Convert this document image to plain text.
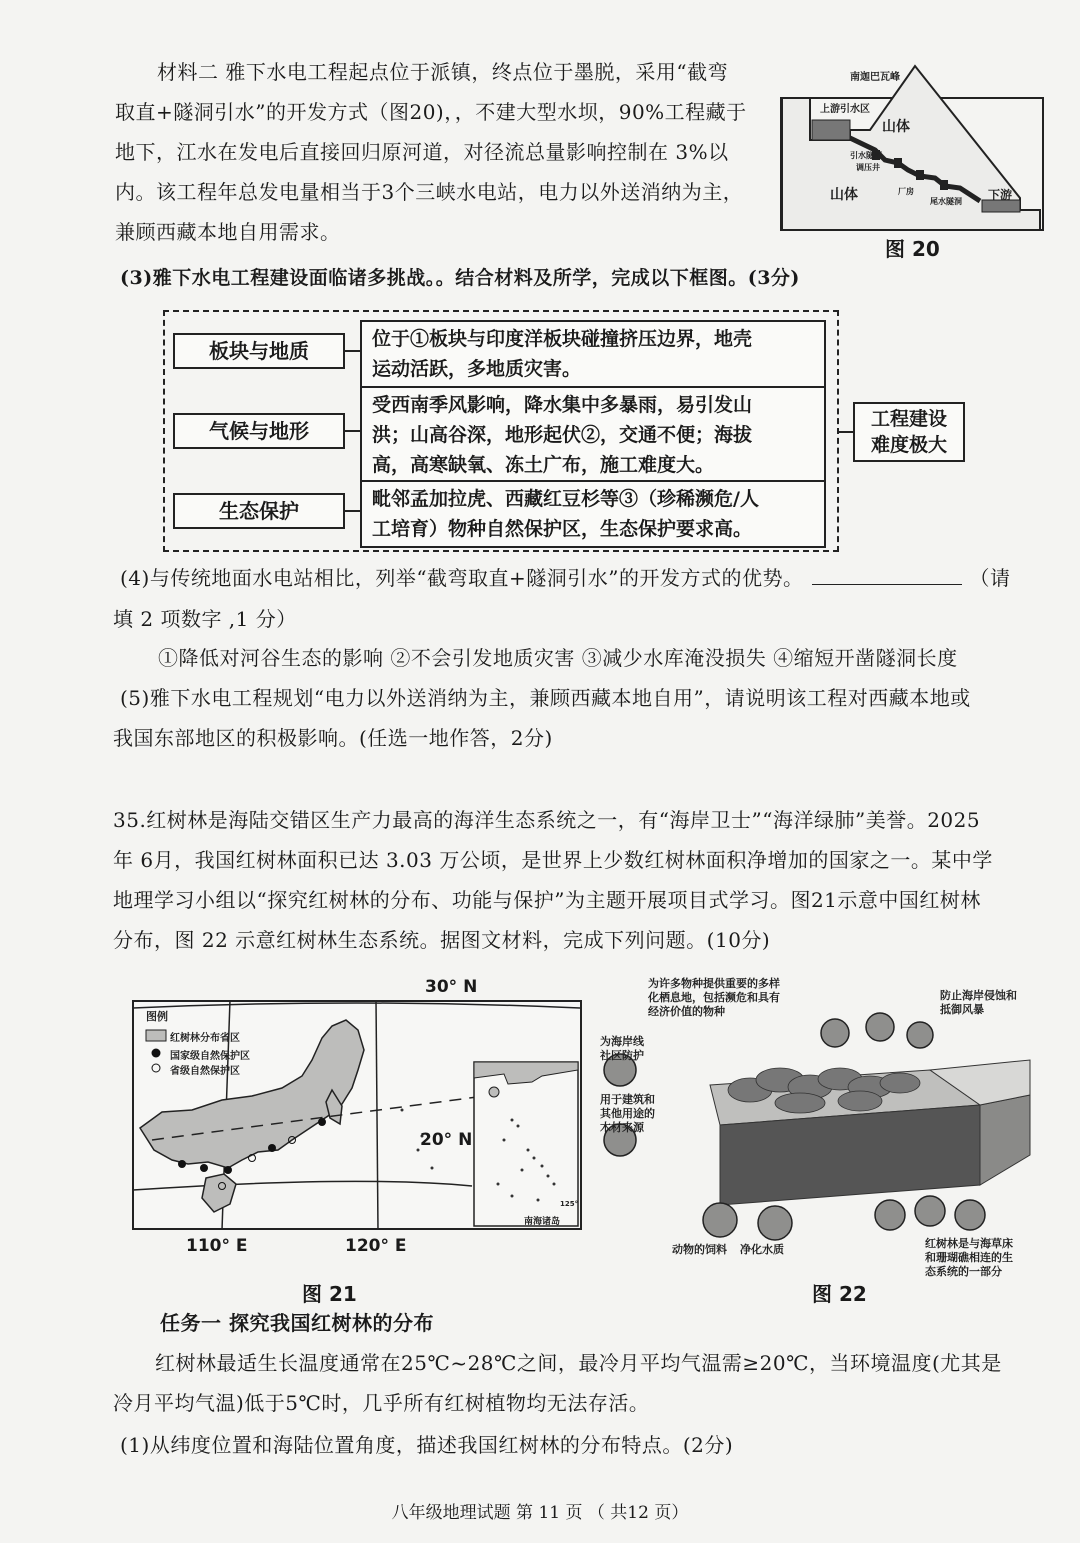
材料二 雅下水电工程起点位于派镇，终点位于墨脱，采用“截弯
取直+隧洞引水”的开发方式（图20)，，不建大型水坝，90%工程藏于
地下，江水在发电后直接回归原河道，对径流总量影响控制在 3%以
内。该工程年总发电量相当于3个三峡水电站，电力以外送消纳为主，
兼顾西藏本地自用需求。
南迦巴瓦峰
上游引水区
山体
山体	下游
引水隧洞
调压井
厂房
尾水隧洞
图 20
(3)雅下水电工程建设面临诸多挑战。。结合材料及所学，完成以下框图。(3分)
板块与地质	位于①板块与印度洋板块碰撞挤压边界，地壳
运动活跃，多地质灾害。
气候与地形
受西南季风影响，降水集中多暴雨，易引发山
洪；山高谷深，地形起伏②，交通不便；海拔
高，高寒缺氧、冻土广布，施工难度大。
生态保护	毗邻孟加拉虎、西藏红豆杉等③（珍稀濒危/人
工培育）物种自然保护区，生态保护要求高。
工程建设
难度极大
(4)与传统地面水电站相比，列举“截弯取直+隧洞引水”的开发方式的优势。	（请
填 2 项数字 ,1 分）
①降低对河谷生态的影响 ②不会引发地质灾害 ③减少水库淹没损失 ④缩短开凿隧洞长度
(5)雅下水电工程规划“电力以外送消纳为主，兼顾西藏本地自用”，请说明该工程对西藏本地或
我国东部地区的积极影响。(任选一地作答，2分)
35.红树林是海陆交错区生产力最高的海洋生态系统之一，有“海岸卫士”“海洋绿肺”美誉。2025
年 6月，我国红树林面积已达 3.03 万公顷，是世界上少数红树林面积净增加的国家之一。某中学
地理学习小组以“探究红树林的分布、功能与保护”为主题开展项目式学习。图21示意中国红树林
分布，图 22 示意红树林生态系统。据图文材料，完成下列问题。(10分)
30° N
图例
红树林分布省区
国家级自然保护区
省级自然保护区
20° N
南海诸岛
125°
110° E	120° E
图 21
为许多物种提供重要的多样
化栖息地，包括濒危和具有
经济价值的物种
防止海岸侵蚀和
抵御风暴
为海岸线
社区防护
用于建筑和
其他用途的
木材来源
动物的饲料 净化水质	红树林是与海草床
和珊瑚礁相连的生
态系统的一部分
图 22
任务一 探究我国红树林的分布
红树林最适生长温度通常在25℃~28℃之间，最冷月平均气温需≥20℃，当环境温度(尤其是
冷月平均气温)低于5℃时，几乎所有红树植物均无法存活。
(1)从纬度位置和海陆位置角度，描述我国红树林的分布特点。(2分)
八年级地理试题 第 11 页 （ 共12 页）
